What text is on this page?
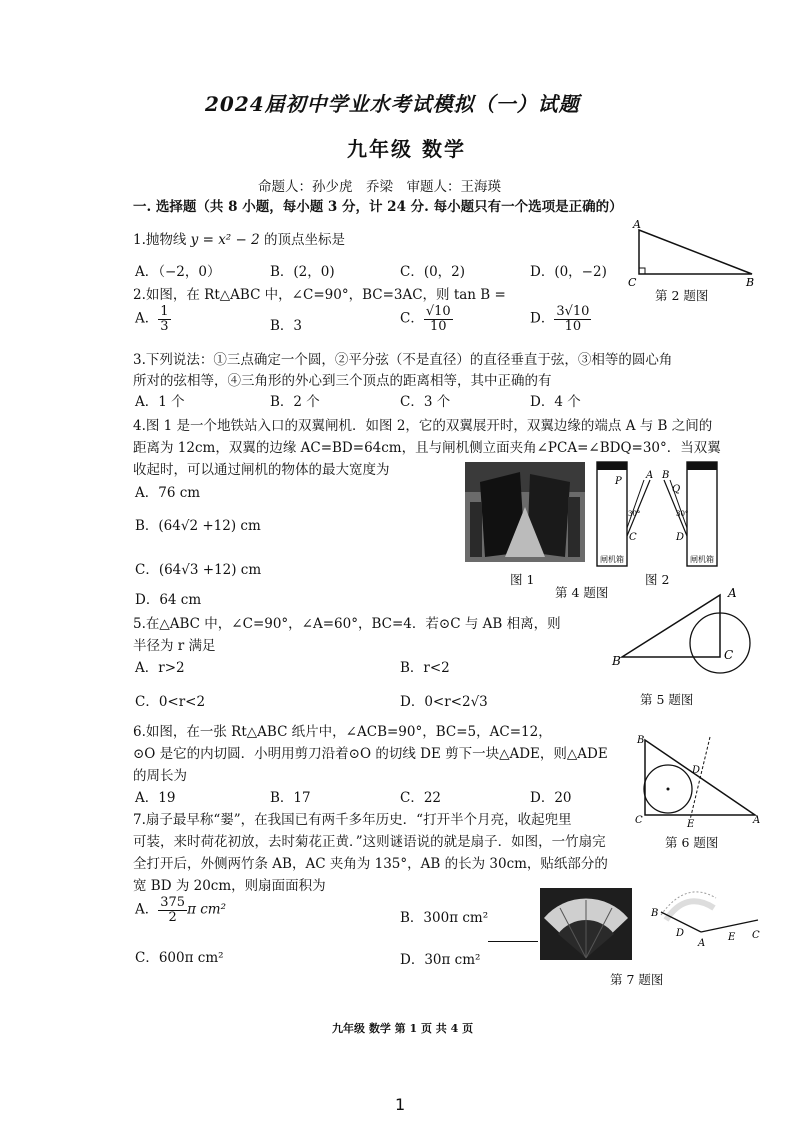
2024届初中学业水考试模拟（一）试题
九年级 数学
命题人：孙少虎　乔梁　审题人：王海瑛
一. 选择题（共 8 小题，每小题 3 分，计 24 分. 每小题只有一个选项是正确的）
1.抛物线 y = x² − 2 的顶点坐标是
A．（−2，0）	B．(2，0)	C．(0，2)	D．(0，−2)
A
C	B
第 2 题图
2.如图，在 Rt△ABC 中，∠C=90°，BC=3AC，则 tan B =
A． $\frac{1}{3}$	B．3	C． $\frac{√10}{10}$	D． $\frac{3√10}{10}$
3.下列说法：①三点确定一个圆，②平分弦（不是直径）的直径垂直于弦，③相等的圆心角
所对的弦相等，④三角形的外心到三个顶点的距离相等，其中正确的有
A．1 个	B．2 个	C．3 个	D．4 个
4.图 1 是一个地铁站入口的双翼闸机．如图 2，它的双翼展开时，双翼边缘的端点 A 与 B 之间的
距离为 12cm，双翼的边缘 AC=BD=64cm，且与闸机侧立面夹角∠PCA=∠BDQ=30°．当双翼
收起时，可以通过闸机的物体的最大宽度为
A．76 cm
B．(64√2 +12) cm
C．(64√3 +12) cm
D．64 cm
图 1
P
A B
Q
C	D
30°	30°
闸机箱	闸机箱
图 2
第 4 题图
5.在△ABC 中，∠C=90°，∠A=60°，BC=4．若⊙C 与 AB 相离，则
半径为 r 满足
A．r>2	B．r<2
C．0<r<2	D．0<r<2√3
A
B	C
第 5 题图
6.如图，在一张 Rt△ABC 纸片中，∠ACB=90°，BC=5，AC=12，
⊙O 是它的内切圆．小明用剪刀沿着⊙O 的切线 DE 剪下一块△ADE，则△ADE
的周长为
A．19	B．17	C．22	D．20
B
D
C	E	A
第 6 题图
7.扇子最早称“翣”，在我国已有两千多年历史．“打开半个月亮，收起兜里
可装，来时荷花初放，去时菊花正黄．”这则谜语说的就是扇子．如图，一竹扇完
全打开后，外侧两竹条 AB，AC 夹角为 135°，AB 的长为 30cm，贴纸部分的
宽 BD 为 20cm，则扇面面积为
A． $\frac{375}{2}$ π cm²
B．300π cm²
C．600π cm²	D．30π cm²
B
D
A
E C
第 7 题图
九年级 数学 第 1 页 共 4 页
1
